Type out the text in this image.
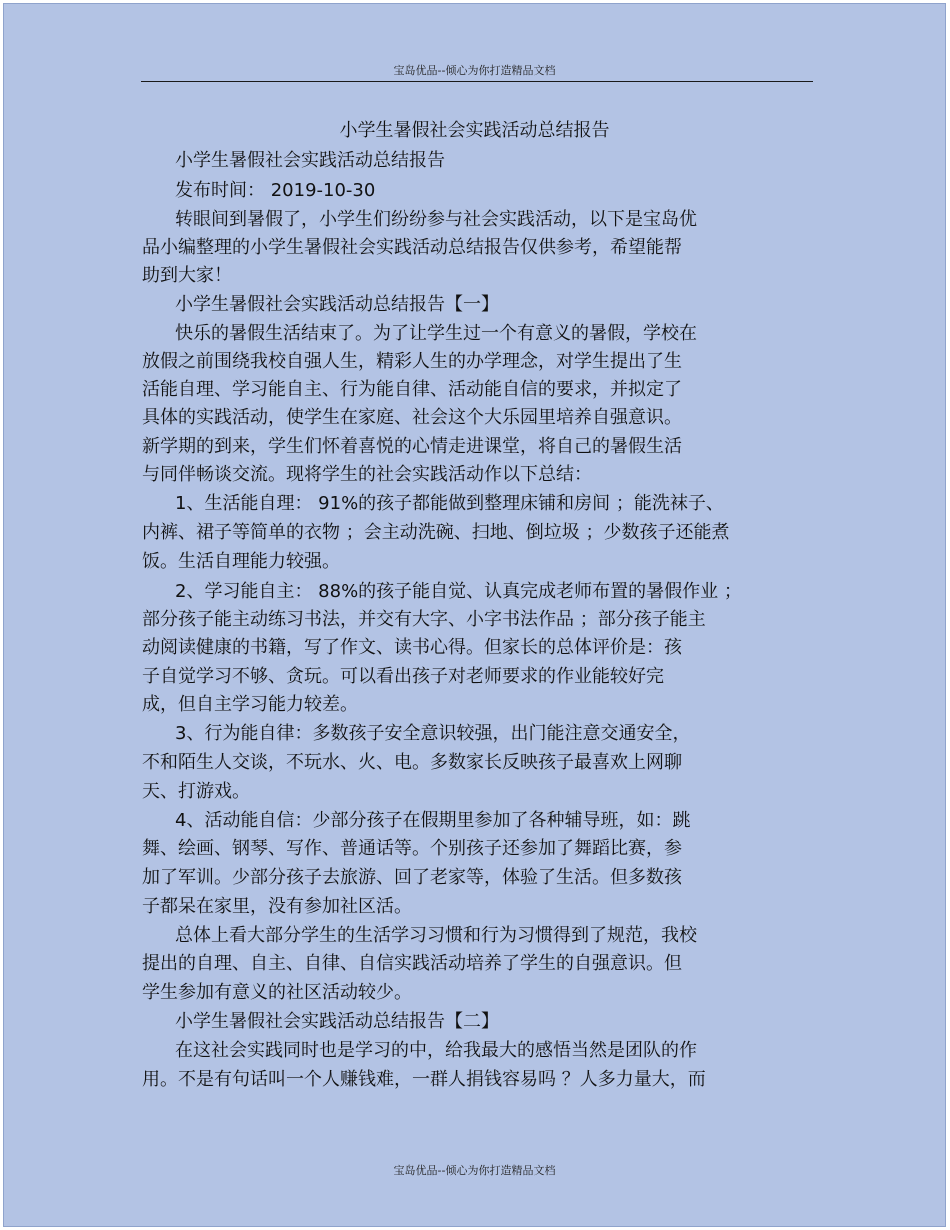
宝岛优品--倾心为你打造精品文档
小学生暑假社会实践活动总结报告
小学生暑假社会实践活动总结报告
发布时间： 2019-10-30
转眼间到暑假了，小学生们纷纷参与社会实践活动，以下是宝岛优
品小编整理的小学生暑假社会实践活动总结报告仅供参考，希望能帮
助到大家！
小学生暑假社会实践活动总结报告【一】
快乐的暑假生活结束了。为了让学生过一个有意义的暑假，学校在
放假之前围绕我校自强人生，精彩人生的办学理念，对学生提出了生
活能自理、学习能自主、行为能自律、活动能自信的要求，并拟定了
具体的实践活动，使学生在家庭、社会这个大乐园里培养自强意识。
新学期的到来，学生们怀着喜悦的心情走进课堂，将自己的暑假生活
与同伴畅谈交流。现将学生的社会实践活动作以下总结：
1、生活能自理： 91%的孩子都能做到整理床铺和房间 ；能洗袜子、
内裤、裙子等简单的衣物 ；会主动洗碗、扫地、倒垃圾 ；少数孩子还能煮
饭。生活自理能力较强。
2、学习能自主： 88%的孩子能自觉、认真完成老师布置的暑假作业 ；
部分孩子能主动练习书法，并交有大字、小字书法作品 ；部分孩子能主
动阅读健康的书籍，写了作文、读书心得。但家长的总体评价是：孩
子自觉学习不够、贪玩。可以看出孩子对老师要求的作业能较好完
成，但自主学习能力较差。
3、行为能自律：多数孩子安全意识较强，出门能注意交通安全，
不和陌生人交谈，不玩水、火、电。多数家长反映孩子最喜欢上网聊
天、打游戏。
4、活动能自信：少部分孩子在假期里参加了各种辅导班，如：跳
舞、绘画、钢琴、写作、普通话等。个别孩子还参加了舞蹈比赛，参
加了军训。少部分孩子去旅游、回了老家等，体验了生活。但多数孩
子都呆在家里，没有参加社区活。
总体上看大部分学生的生活学习习惯和行为习惯得到了规范，我校
提出的自理、自主、自律、自信实践活动培养了学生的自强意识。但
学生参加有意义的社区活动较少。
小学生暑假社会实践活动总结报告【二】
在这社会实践同时也是学习的中，给我最大的感悟当然是团队的作
用。不是有句话叫一个人赚钱难，一群人捐钱容易吗 ？人多力量大，而
宝岛优品--倾心为你打造精品文档
